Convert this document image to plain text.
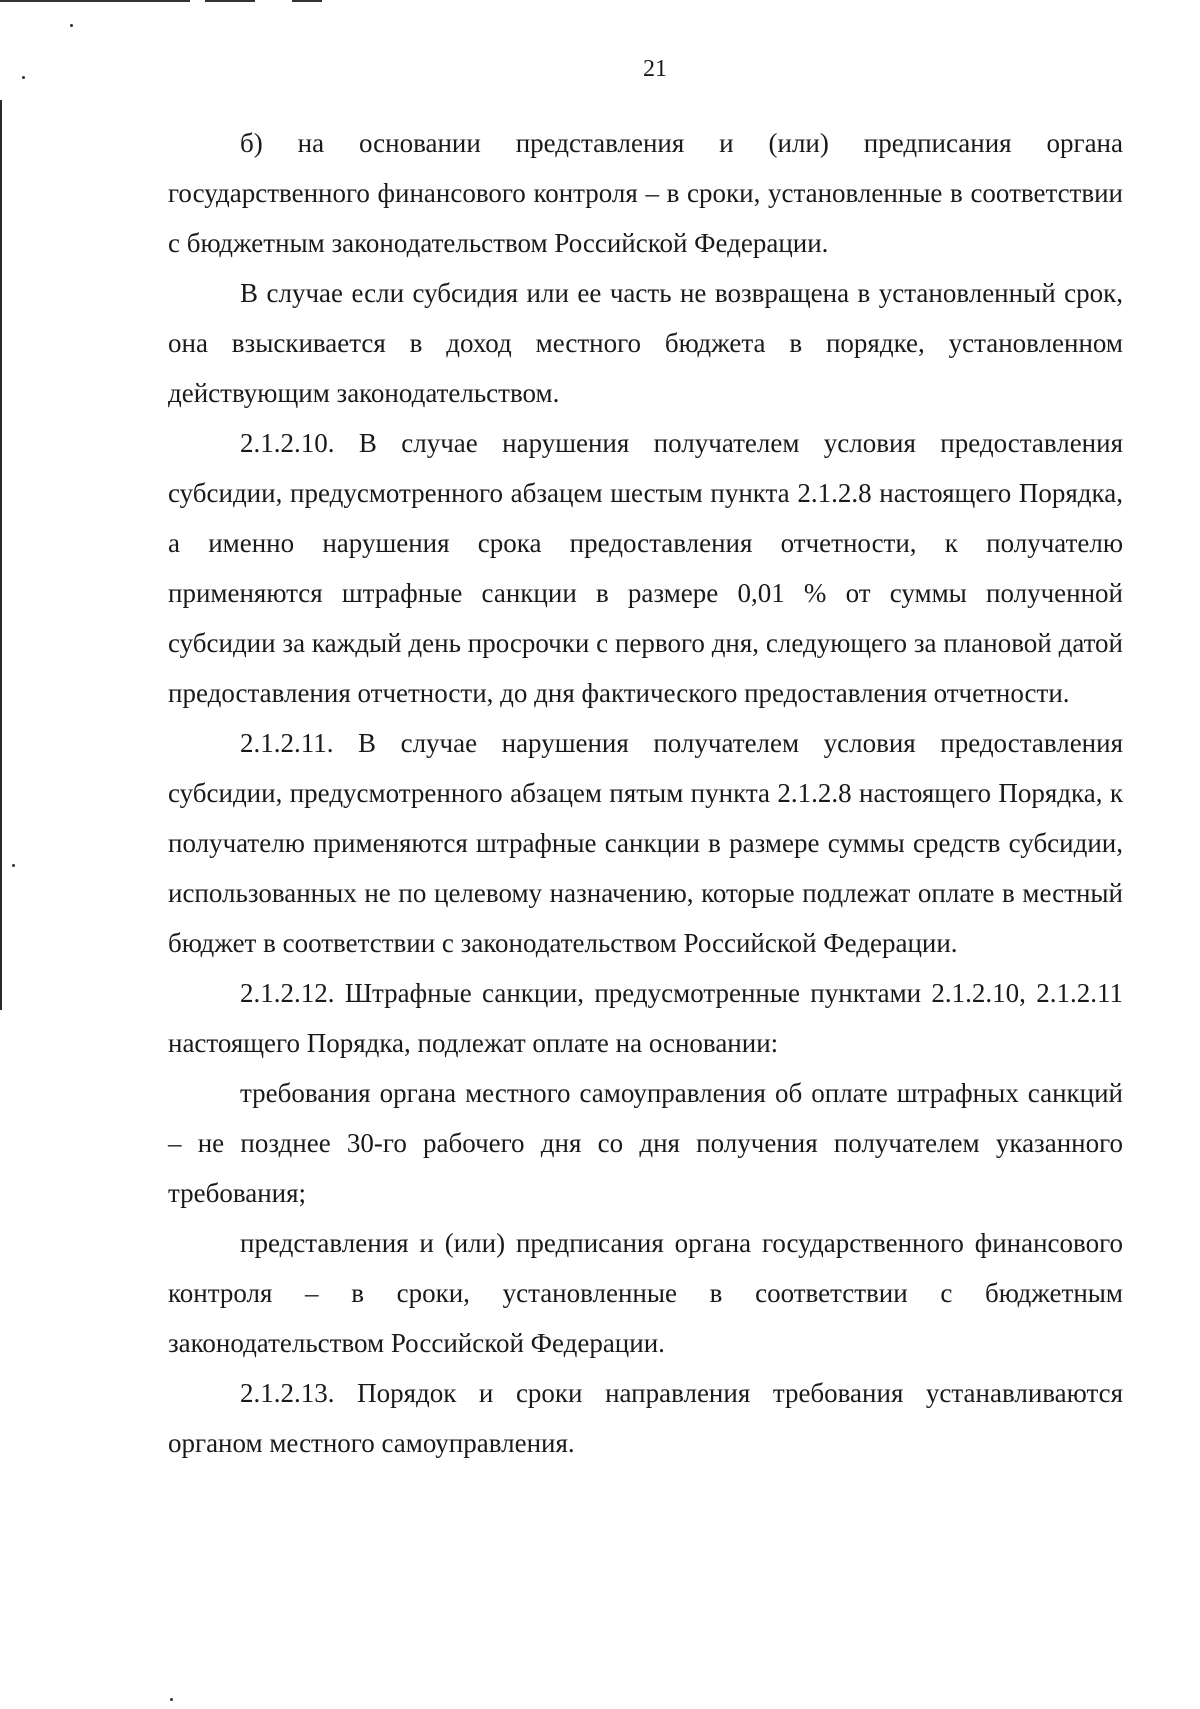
21

б) на основании представления и (или) предписания органа государственного финансового контроля – в сроки, установленные в соответствии с бюджетным законодательством Российской Федерации.

В случае если субсидия или ее часть не возвращена в установленный срок, она взыскивается в доход местного бюджета в порядке, установленном действующим законодательством.

2.1.2.10. В случае нарушения получателем условия предоставления субсидии, предусмотренного абзацем шестым пункта 2.1.2.8 настоящего Порядка, а именно нарушения срока предоставления отчетности, к получателю применяются штрафные санкции в размере 0,01 % от суммы полученной субсидии за каждый день просрочки с первого дня, следующего за плановой датой предоставления отчетности, до дня фактического предоставления отчетности.

2.1.2.11. В случае нарушения получателем условия предоставления субсидии, предусмотренного абзацем пятым пункта 2.1.2.8 настоящего Порядка, к получателю применяются штрафные санкции в размере суммы средств субсидии, использованных не по целевому назначению, которые подлежат оплате в местный бюджет в соответствии с законодательством Российской Федерации.

2.1.2.12. Штрафные санкции, предусмотренные пунктами 2.1.2.10, 2.1.2.11 настоящего Порядка, подлежат оплате на основании:

требования органа местного самоуправления об оплате штрафных санкций – не позднее 30-го рабочего дня со дня получения получателем указанного требования;

представления и (или) предписания органа государственного финансового контроля – в сроки, установленные в соответствии с бюджетным законодательством Российской Федерации.

2.1.2.13. Порядок и сроки направления требования устанавливаются органом местного самоуправления.
